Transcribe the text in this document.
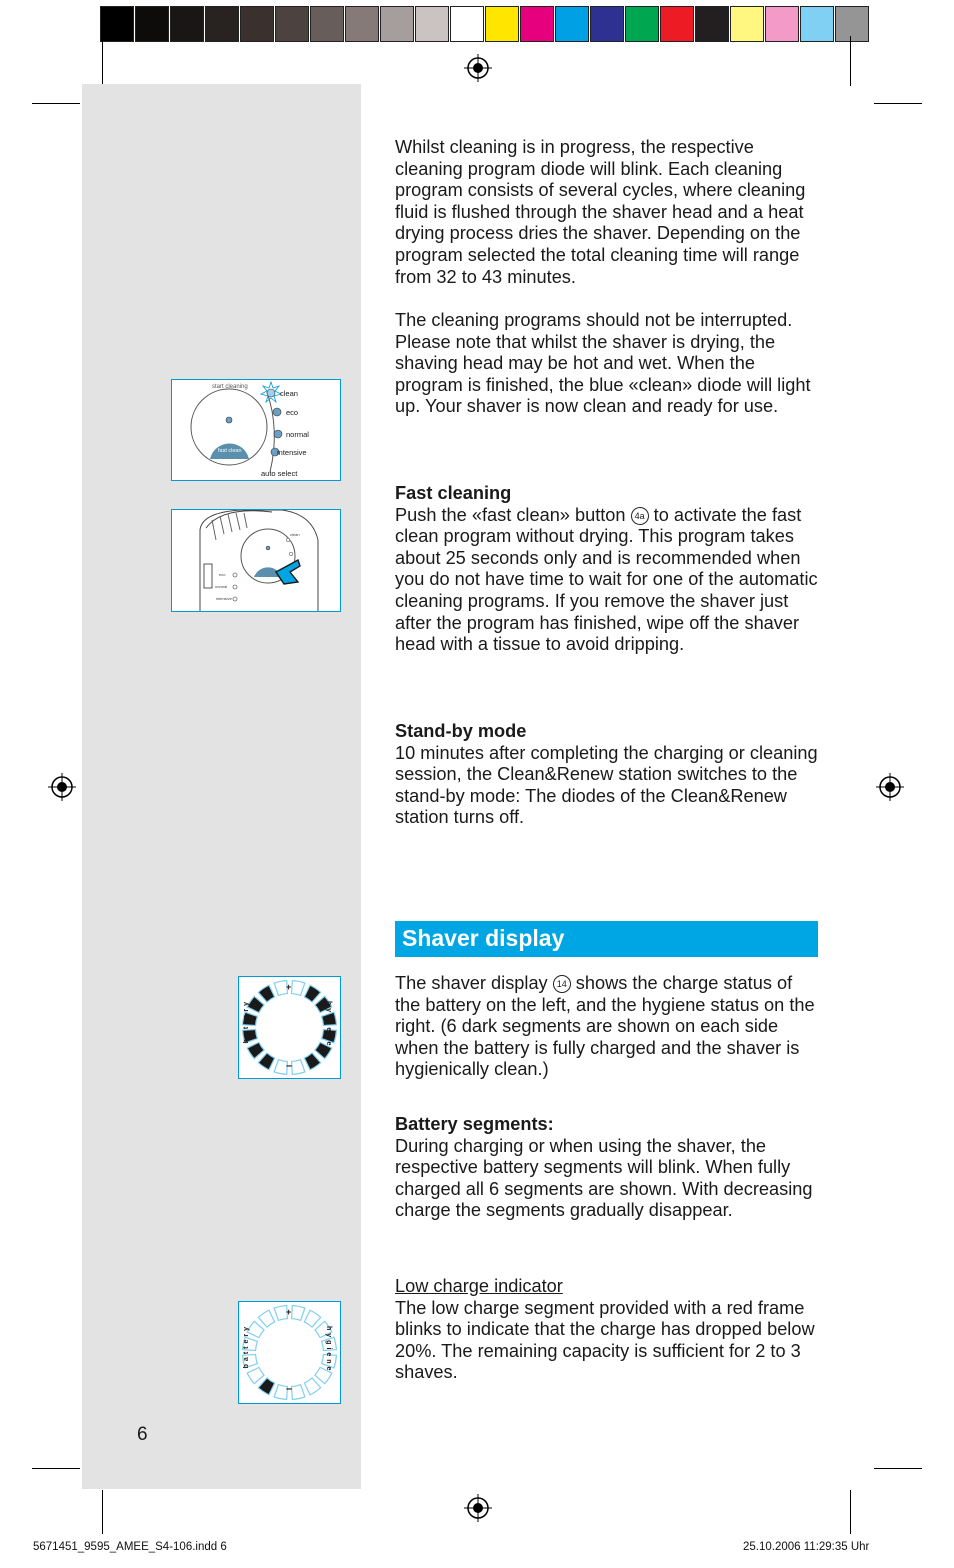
start cleaning
clean
eco
normal
intensive
auto select
fast clean
eco
normal
intensive
clean
+
–
battery	hygiene
+
–
battery	hygiene

Whilst cleaning is in progress, the respective cleaning program diode will blink. Each cleaning program consists of several cycles, where cleaning fluid is flushed through the shaver head and a heat drying process dries the shaver. Depending on the program selected the total cleaning time will range from 32 to 43 minutes.

The cleaning programs should not be interrupted. Please note that whilst the shaver is drying, the shaving head may be hot and wet. When the program is finished, the blue «clean» diode will light up. Your shaver is now clean and ready for use.

Fast cleaning
Push the «fast clean» button 4a to activate the fast clean program without drying. This program takes about 25 seconds only and is recommended when you do not have time to wait for one of the automatic cleaning programs. If you remove the shaver just after the program has finished, wipe off the shaver head with a tissue to avoid dripping.
Stand-by mode
10 minutes after completing the charging or cleaning session, the Clean&Renew station switches to the stand-by mode: The diodes of the Clean&Renew station turns off.
Shaver display
The shaver display 14 shows the charge status of the battery on the left, and the hygiene status on the right. (6 dark segments are shown on each side when the battery is fully charged and the shaver is hygienically clean.)
Battery segments:
During charging or when using the shaver, the respective battery segments will blink. When fully charged all 6 segments are shown. With decreasing charge the segments gradually disappear.
Low charge indicator
The low charge segment provided with a red frame blinks to indicate that the charge has dropped below 20%. The remaining capacity is sufficient for 2 to 3 shaves.
6
5671451_9595_AMEE_S4-106.indd 6	25.10.2006 11:29:35 Uhr
